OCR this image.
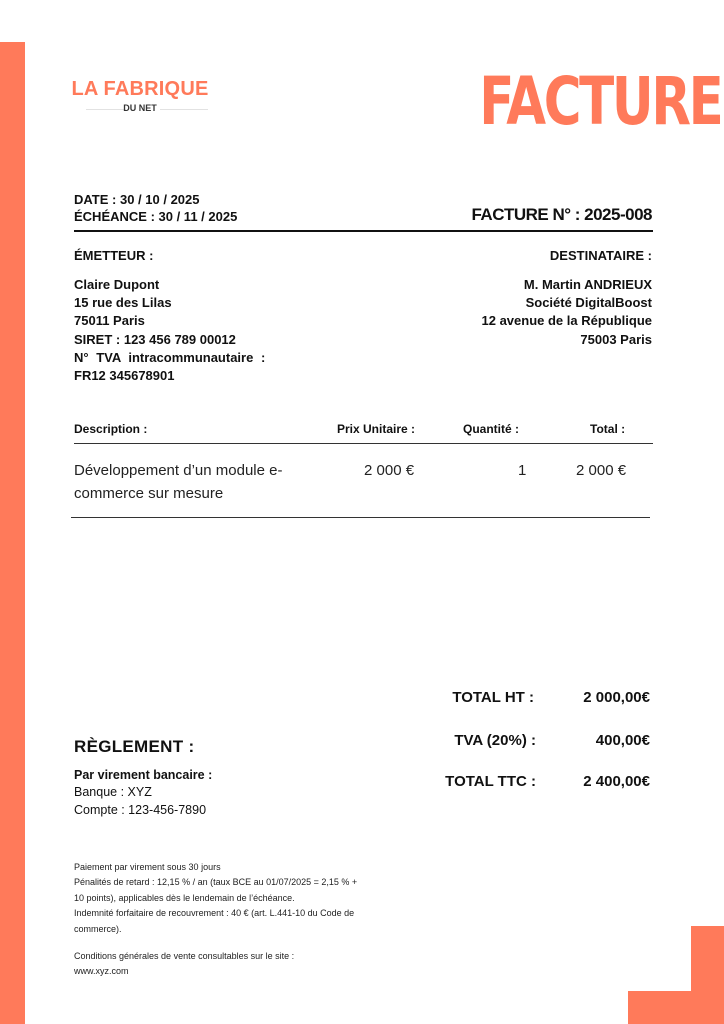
LA FABRIQUE
DU NET	FACTURE
DATE : 30 / 10 / 2025
ÉCHÉANCE : 30 / 11 / 2025	FACTURE N° : 2025-008
ÉMETTEUR :	DESTINATAIRE :
Claire Dupont
15 rue des Lilas
75011 Paris
SIRET : 123 456 789 00012
N° TVA intracommunautaire :
FR12 345678901
M. Martin ANDRIEUX
Société DigitalBoost
12 avenue de la République
75003 Paris
Description :	Prix Unitaire :	Quantité :	Total :
Développement d’un module e-
commerce sur mesure
2 000 €	1	2 000 €
TOTAL HT :	2 000,00€
TVA (20%) :	400,00€
TOTAL TTC :	2 400,00€
RÈGLEMENT :
Par virement bancaire :
Banque : XYZ
Compte : 123-456-7890
Paiement par virement sous 30 jours
Pénalités de retard : 12,15 % / an (taux BCE au 01/07/2025 = 2,15 % +
10 points), applicables dès le lendemain de l’échéance.
Indemnité forfaitaire de recouvrement : 40 € (art. L.441-10 du Code de
commerce).
Conditions générales de vente consultables sur le site :
www.xyz.com
